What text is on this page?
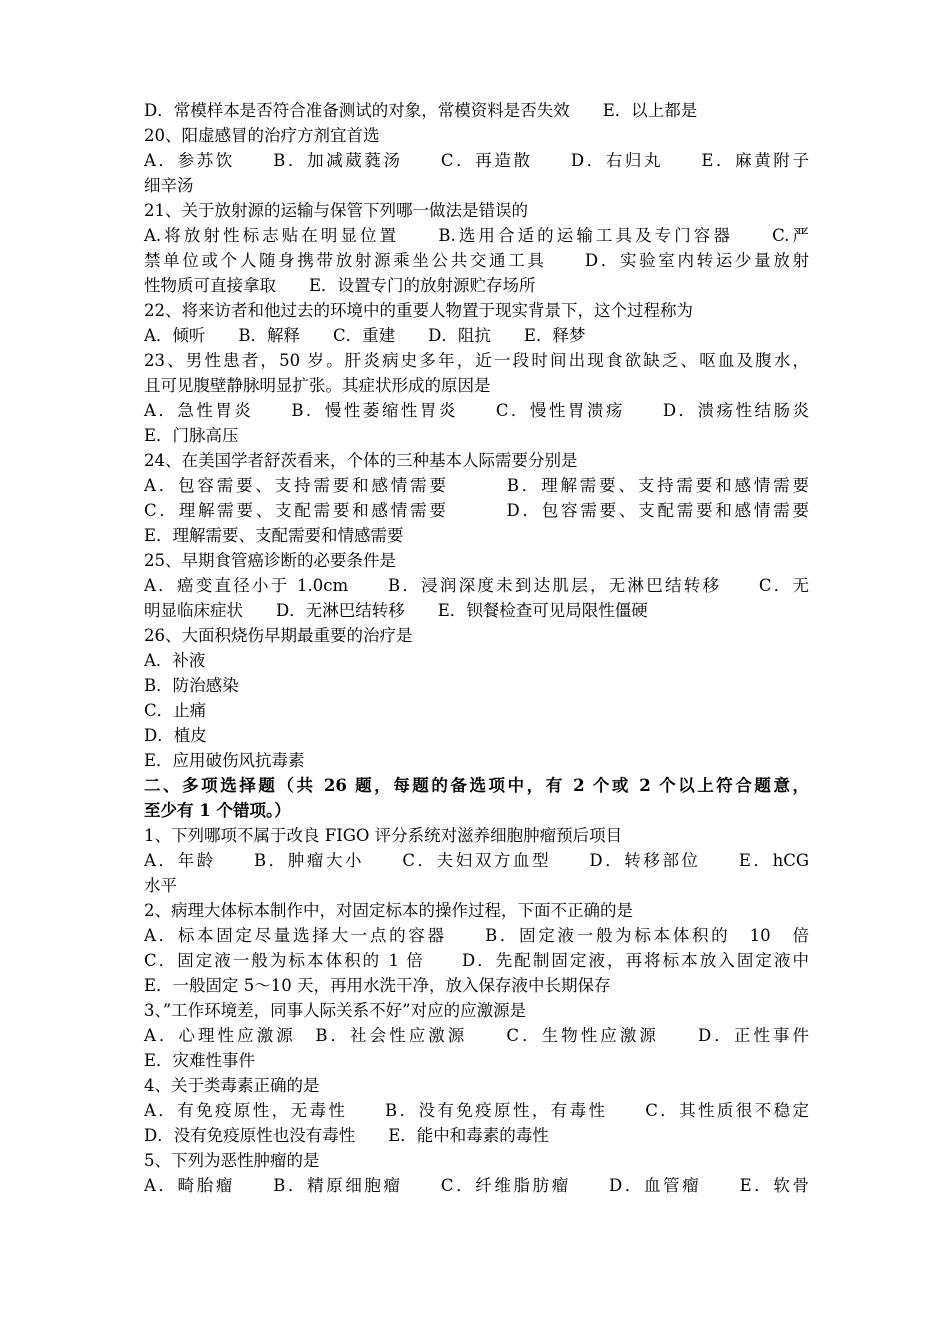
D．常模样本是否符合准备测试的对象，常模资料是否失效　　E．以上都是
20、阳虚感冒的治疗方剂宜首选
A．参苏饮　　B．加减葳蕤汤　　C．再造散　　D．右归丸　　E．麻黄附子
细辛汤
21、关于放射源的运输与保管下列哪一做法是错误的
A.将放射性标志贴在明显位置　　B.选用合适的运输工具及专门容器　　C.严
禁单位或个人随身携带放射源乘坐公共交通工具　　D．实验室内转运少量放射
性物质可直接拿取　　E．设置专门的放射源贮存场所
22、将来访者和他过去的环境中的重要人物置于现实背景下，这个过程称为
A．倾听　　B．解释　　C．重建　　D．阻抗　　E．释梦
23、男性患者，50 岁。肝炎病史多年，近一段时间出现食欲缺乏、呕血及腹水，
且可见腹壁静脉明显扩张。其症状形成的原因是
A．急性胃炎　　B．慢性萎缩性胃炎　　C．慢性胃溃疡　　D．溃疡性结肠炎
E．门脉高压
24、在美国学者舒茨看来，个体的三种基本人际需要分别是
A．包容需要、支持需要和感情需要　　　B．理解需要、支持需要和感情需要
C．理解需要、支配需要和感情需要　　　D．包容需要、支配需要和感情需要
E．理解需要、支配需要和情感需要
25、早期食管癌诊断的必要条件是
A．癌变直径小于 1.0cm　　B．浸润深度未到达肌层，无淋巴结转移　　C．无
明显临床症状　　D．无淋巴结转移　　E．钡餐检查可见局限性僵硬
26、大面积烧伤早期最重要的治疗是
A．补液
B．防治感染
C．止痛
D．植皮
E．应用破伤风抗毒素
二、多项选择题（共 26 题，每题的备选项中，有 2 个或 2 个以上符合题意，
至少有 1 个错项。）
1、下列哪项不属于改良 FIGO 评分系统对滋养细胞肿瘤预后项目
A．年龄　　B．肿瘤大小　　C．夫妇双方血型　　D．转移部位　　E．hCG
水平
2、病理大体标本制作中，对固定标本的操作过程，下面不正确的是
A．标本固定尽量选择大一点的容器　　B．固定液一般为标本体积的　10　倍
C．固定液一般为标本体积的 1 倍　　D．先配制固定液，再将标本放入固定液中
E．一般固定 5～10 天，再用水洗干净，放入保存液中长期保存
3、”工作环境差，同事人际关系不好”对应的应激源是
A．心理性应激源　B．社会性应激源　　C．生物性应激源　　D．正性事件
E．灾难性事件
4、关于类毒素正确的是
A．有免疫原性，无毒性　　B．没有免疫原性，有毒性　　C．其性质很不稳定
D．没有免疫原性也没有毒性　　E．能中和毒素的毒性
5、下列为恶性肿瘤的是
A．畸胎瘤　　B．精原细胞瘤　　C．纤维脂肪瘤　　D．血管瘤　　E．软骨
